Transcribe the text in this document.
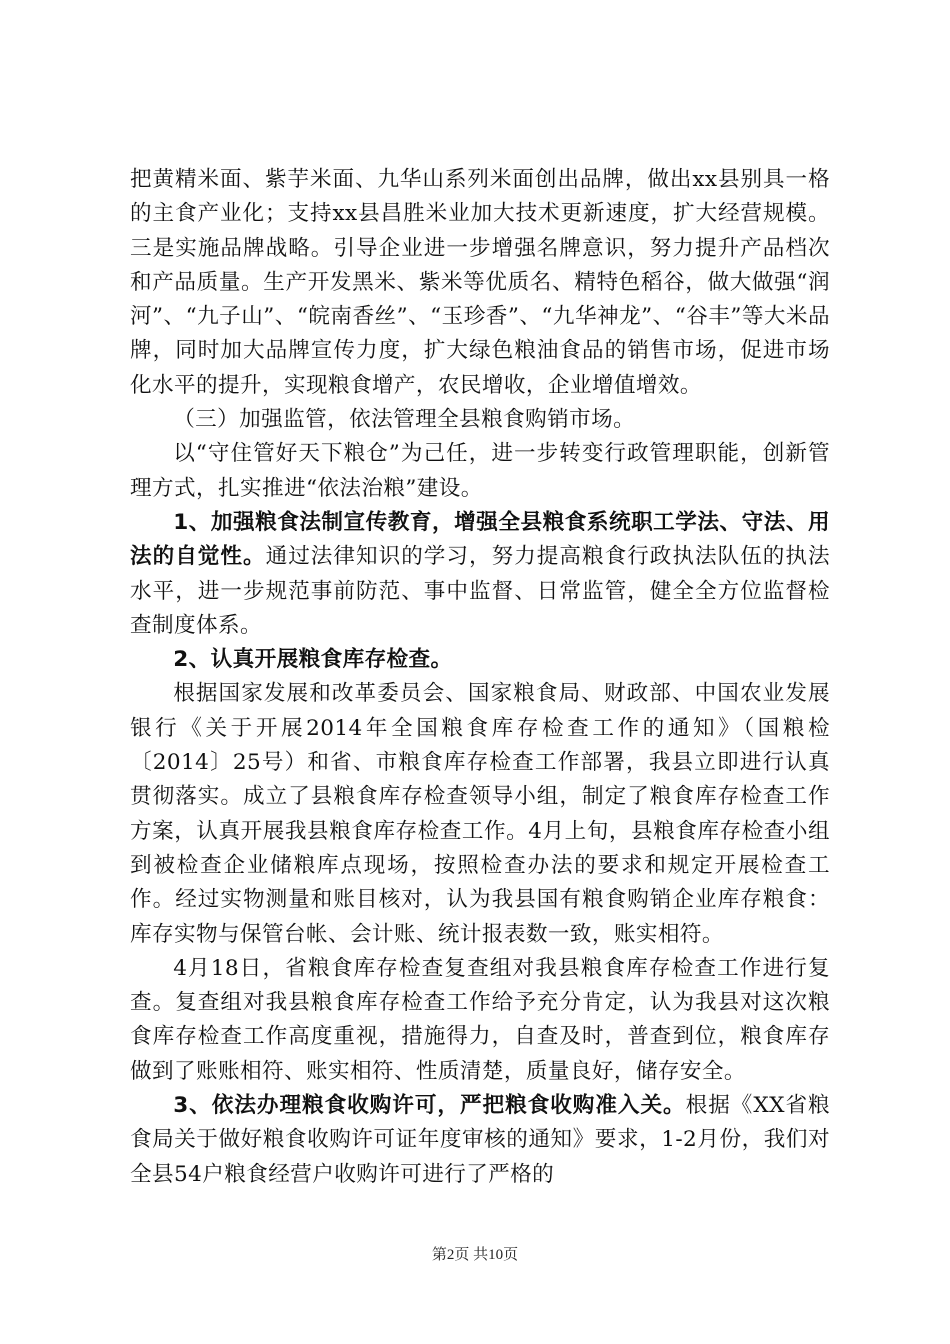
把黄精米面、紫芋米面、九华山系列米面创出品牌，做出xx县别具一格的主食产业化；支持xx县昌胜米业加大技术更新速度，扩大经营规模。三是实施品牌战略。引导企业进一步增强名牌意识，努力提升产品档次和产品质量。生产开发黑米、紫米等优质名、精特色稻谷，做大做强“润河”、“九子山”、“皖南香丝”、“玉珍香”、“九华神龙”、“谷丰”等大米品牌，同时加大品牌宣传力度，扩大绿色粮油食品的销售市场，促进市场化水平的提升，实现粮食增产，农民增收，企业增值增效。

（三）加强监管，依法管理全县粮食购销市场。

以“守住管好天下粮仓”为己任，进一步转变行政管理职能，创新管理方式，扎实推进“依法治粮”建设。

1、加强粮食法制宣传教育，增强全县粮食系统职工学法、守法、用法的自觉性。通过法律知识的学习，努力提高粮食行政执法队伍的执法水平，进一步规范事前防范、事中监督、日常监管，健全全方位监督检查制度体系。

2、认真开展粮食库存检查。

根据国家发展和改革委员会、国家粮食局、财政部、中国农业发展银行《关于开展2014年全国粮食库存检查工作的通知》（国粮检〔2014〕25号）和省、市粮食库存检查工作部署，我县立即进行认真贯彻落实。成立了县粮食库存检查领导小组，制定了粮食库存检查工作方案，认真开展我县粮食库存检查工作。4月上旬，县粮食库存检查小组到被检查企业储粮库点现场，按照检查办法的要求和规定开展检查工作。经过实物测量和账目核对，认为我县国有粮食购销企业库存粮食：库存实物与保管台帐、会计账、统计报表数一致，账实相符。

4月18日，省粮食库存检查复查组对我县粮食库存检查工作进行复查。复查组对我县粮食库存检查工作给予充分肯定，认为我县对这次粮食库存检查工作高度重视，措施得力，自查及时，普查到位，粮食库存做到了账账相符、账实相符、性质清楚，质量良好，储存安全。

3、依法办理粮食收购许可，严把粮食收购准入关。根据《XX省粮食局关于做好粮食收购许可证年度审核的通知》要求，1-2月份，我们对全县54户粮食经营户收购许可进行了严格的

第2页 共10页
